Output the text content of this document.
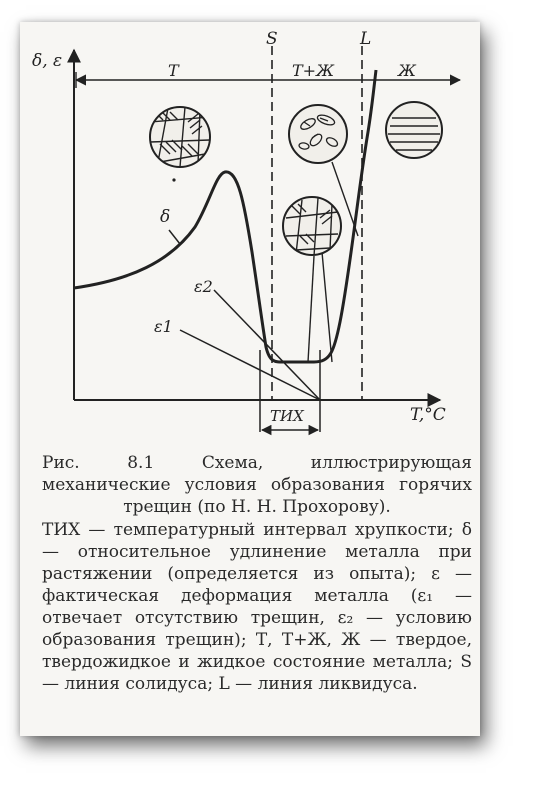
δ, ε
T,°C
S	L
T	T+Ж	Ж
ТИХ
δ
ε1
ε2

Рис. 8.1 Схема, иллюстрирующая механические условия образования горячих трещин (по Н. Н. Прохорову).

ТИХ — температурный интервал хрупкости; δ — относительное удлинение металла при растяжении (определяется из опыта); ε — фактическая деформация металла (ε₁ — отвечает отсутствию трещин, ε₂ — условию образования трещин); Т, Т+Ж, Ж — твердое, твердожидкое и жидкое состояние металла; S — линия солидуса; L — линия ликвидуса.
